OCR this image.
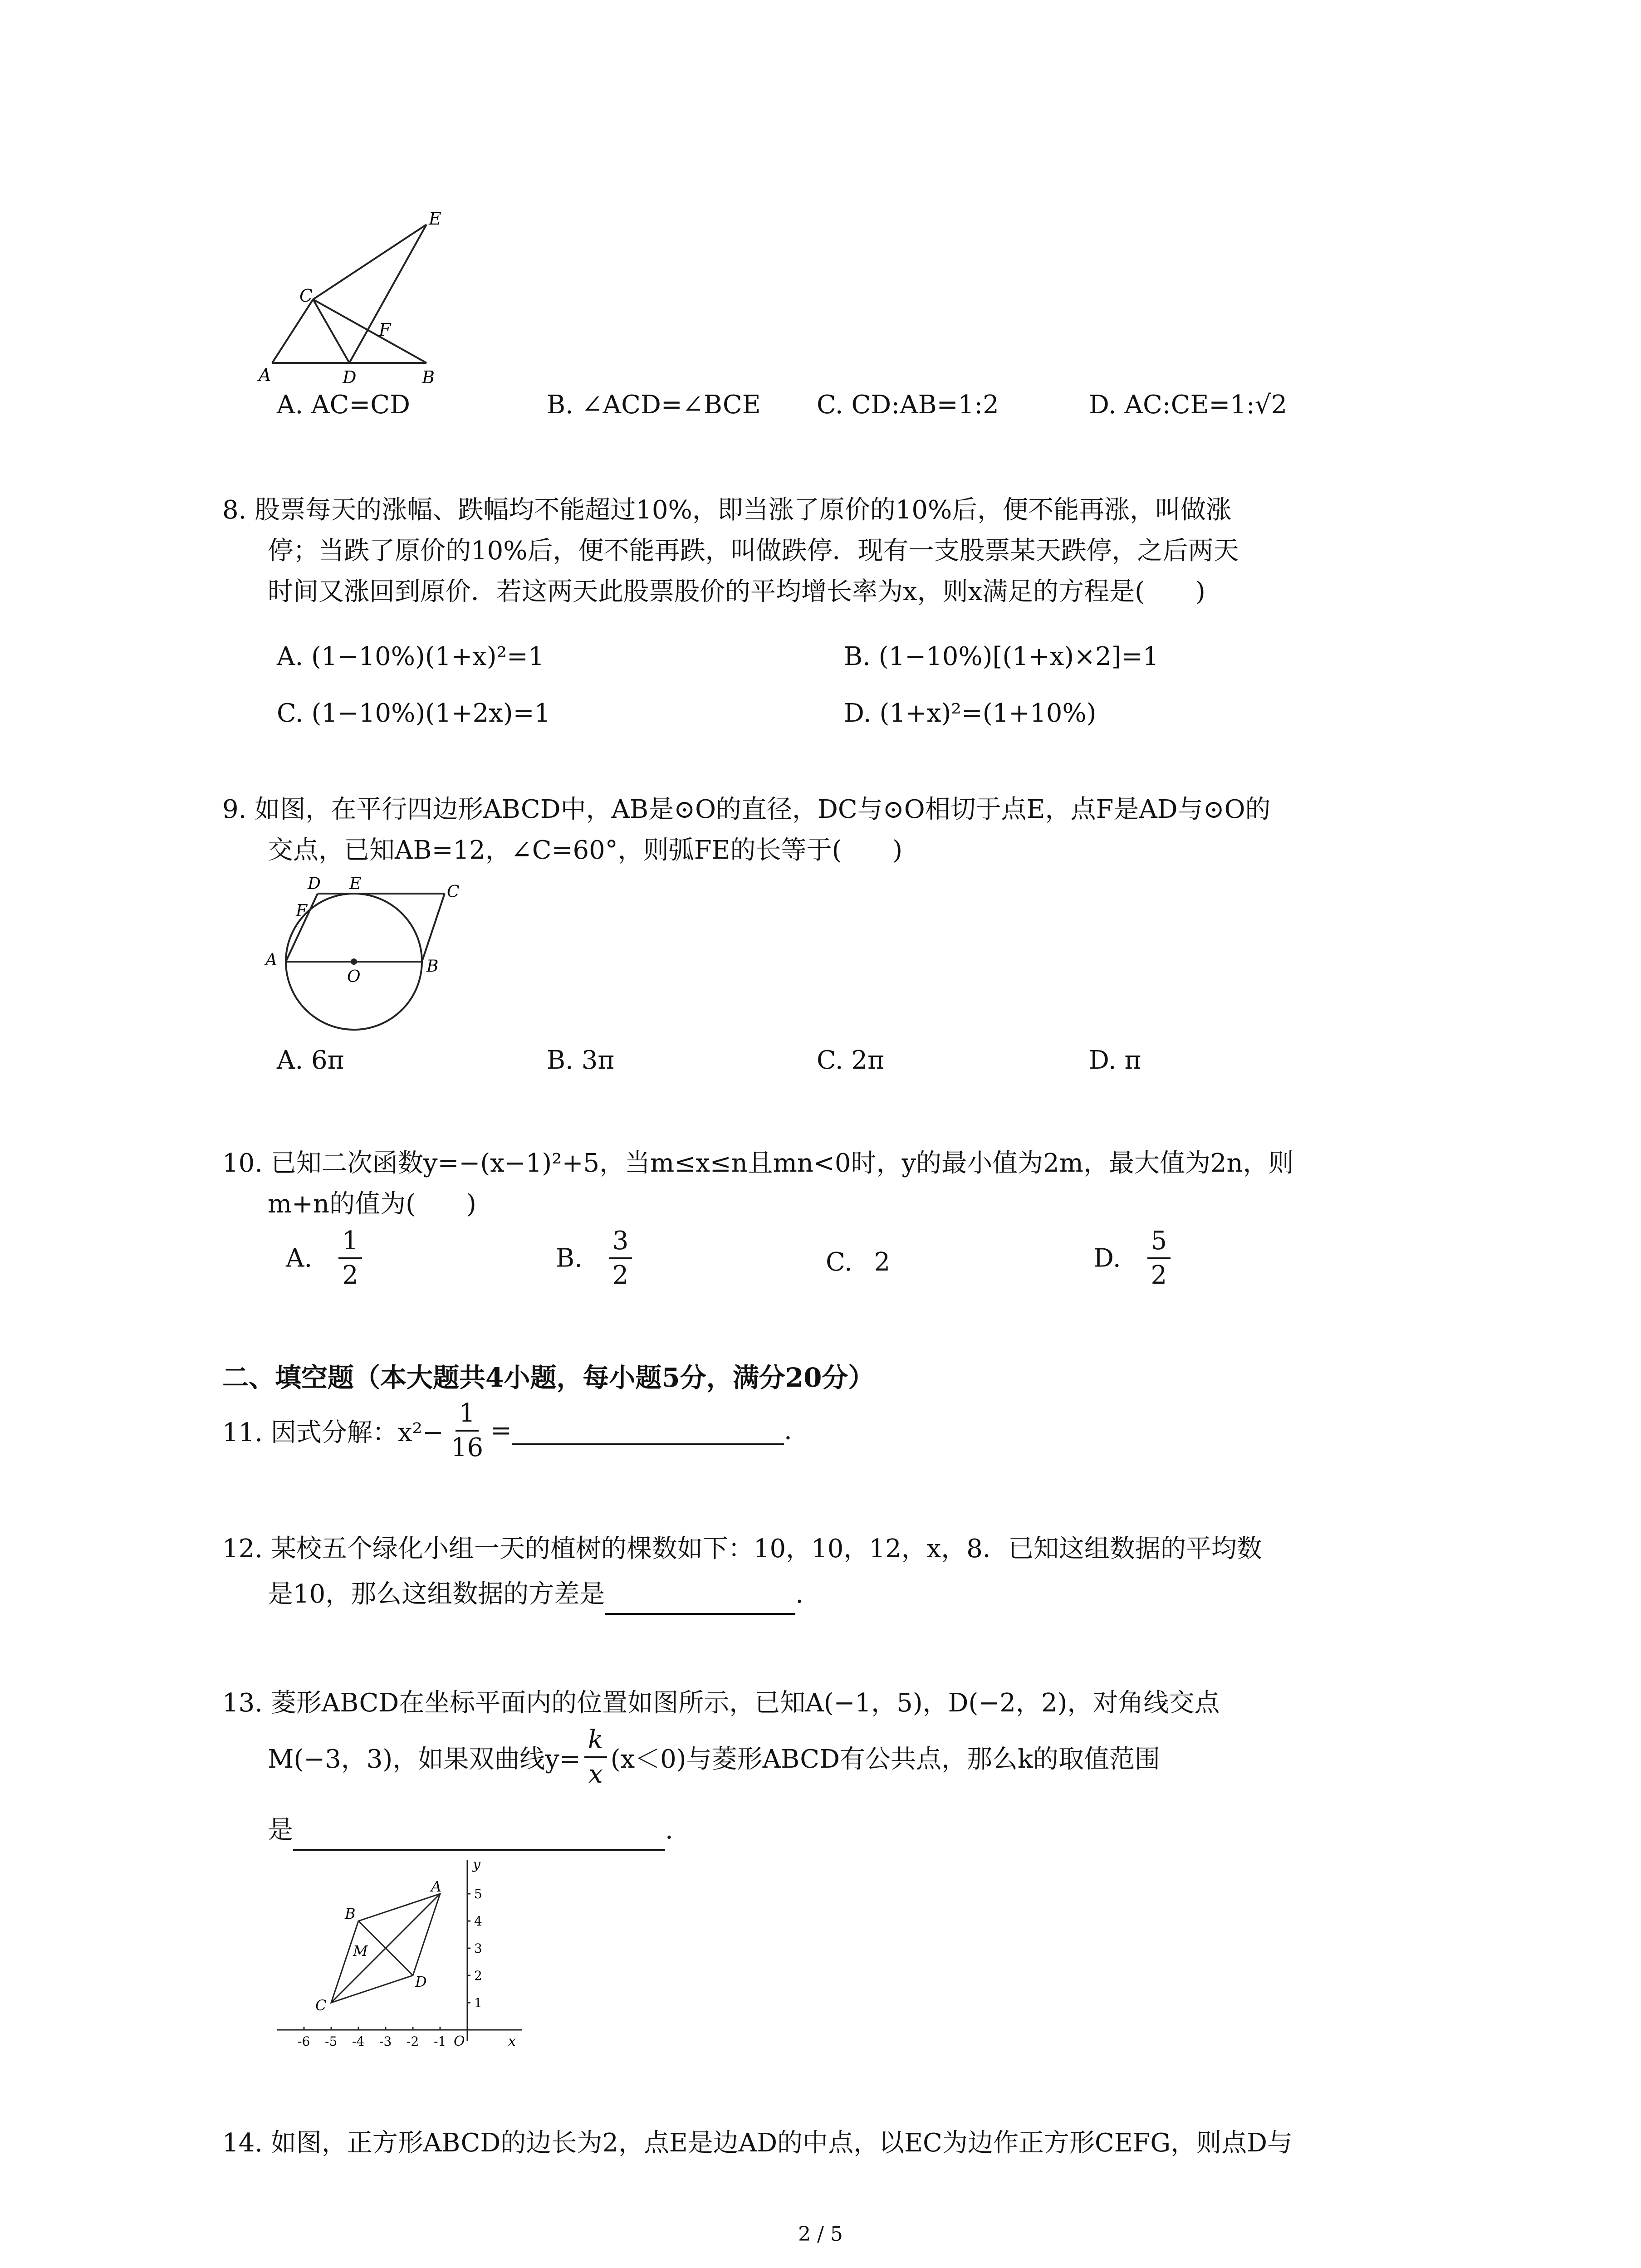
E
C
F
A	D	B
A. AC=CD	B. ∠ACD=∠BCE C. CD:AB=1:2	D. AC:CE=1:√2
8. 股票每天的涨幅、跌幅均不能超过10%，即当涨了原价的10%后，便不能再涨，叫做涨
停；当跌了原价的10%后，便不能再跌，叫做跌停．现有一支股票某天跌停，之后两天
时间又涨回到原价．若这两天此股票股价的平均增长率为x，则x满足的方程是(　　)
A. (1−10%)(1+x)²=1	B. (1−10%)[(1+x)×2]=1
C. (1−10%)(1+2x)=1	D. (1+x)²=(1+10%)
9. 如图，在平行四边形ABCD中，AB是⊙O的直径，DC与⊙O相切于点E，点F是AD与⊙O的
交点，已知AB=12，∠C=60°，则弧FE的长等于(　　)
D E	C
F
A
O
B
A. 6π	B. 3π	C. 2π	D. π
10. 已知二次函数y=−(x−1)²+5，当m≤x≤n且mn<0时，y的最小值为2m，最大值为2n，则
m+n的值为(　　)
A. $\frac{1}{2}$	B. $\frac{3}{2}$	C. 2	D. $\frac{5}{2}$
二、填空题（本大题共4小题，每小题5分，满分20分）
11. 因式分解：$x^2- \frac{1}{16}$ =	.
12. 某校五个绿化小组一天的植树的棵数如下：10，10，12，x，8．已知这组数据的平均数
是10，那么这组数据的方差是	.
13. 菱形ABCD在坐标平面内的位置如图所示，已知A(−1，5)，D(−2，2)，对角线交点
M(−3，3)，如果双曲线$y= \frac{k}{x} (x<0)$与菱形ABCD有公共点，那么k的取值范围
是	.
A
B
M
C
D
O	x
y
-6 -5 -4 -3 -2 -1
1
2
3
4
5
14. 如图，正方形ABCD的边长为2，点E是边AD的中点，以EC为边作正方形CEFG，则点D与
2 / 5
